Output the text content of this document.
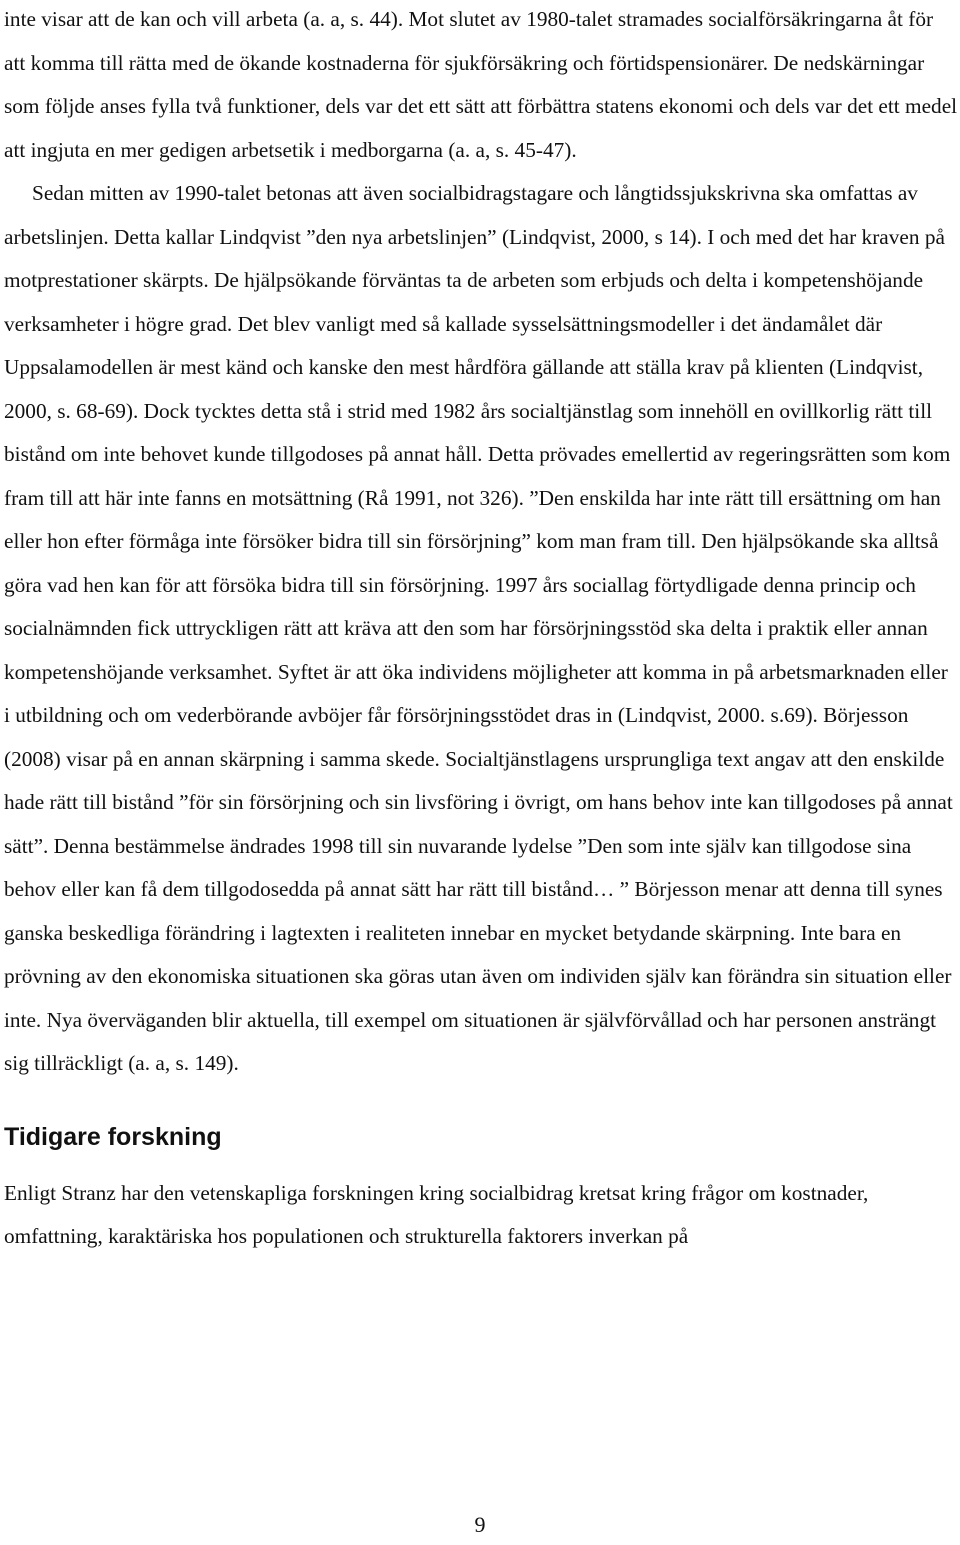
inte visar att de kan och vill arbeta (a. a, s. 44). Mot slutet av 1980-talet stramades socialförsäkringarna åt för att komma till rätta med de ökande kostnaderna för sjukförsäkring och förtidspensionärer. De nedskärningar som följde anses fylla två funktioner, dels var det ett sätt att förbättra statens ekonomi och dels var det ett medel att ingjuta en mer gedigen arbetsetik i medborgarna (a. a, s. 45-47).

Sedan mitten av 1990-talet betonas att även socialbidragstagare och långtidssjukskrivna ska omfattas av arbetslinjen. Detta kallar Lindqvist ”den nya arbetslinjen” (Lindqvist, 2000, s 14). I och med det har kraven på motprestationer skärpts. De hjälpsökande förväntas ta de arbeten som erbjuds och delta i kompetenshöjande verksamheter i högre grad. Det blev vanligt med så kallade sysselsättningsmodeller i det ändamålet där Uppsalamodellen är mest känd och kanske den mest hårdföra gällande att ställa krav på klienten (Lindqvist, 2000, s. 68-69). Dock tycktes detta stå i strid med 1982 års socialtjänstlag som innehöll en ovillkorlig rätt till bistånd om inte behovet kunde tillgodoses på annat håll. Detta prövades emellertid av regeringsrätten som kom fram till att här inte fanns en motsättning (Rå 1991, not 326). ”Den enskilda har inte rätt till ersättning om han eller hon efter förmåga inte försöker bidra till sin försörjning” kom man fram till. Den hjälpsökande ska alltså göra vad hen kan för att försöka bidra till sin försörjning. 1997 års sociallag förtydligade denna princip och socialnämnden fick uttryckligen rätt att kräva att den som har försörjningsstöd ska delta i praktik eller annan kompetenshöjande verksamhet. Syftet är att öka individens möjligheter att komma in på arbetsmarknaden eller i utbildning och om vederbörande avböjer får försörjningsstödet dras in (Lindqvist, 2000. s.69). Börjesson (2008) visar på en annan skärpning i samma skede. Socialtjänstlagens ursprungliga text angav att den enskilde hade rätt till bistånd ”för sin försörjning och sin livsföring i övrigt, om hans behov inte kan tillgodoses på annat sätt”. Denna bestämmelse ändrades 1998 till sin nuvarande lydelse ”Den som inte själv kan tillgodose sina behov eller kan få dem tillgodosedda på annat sätt har rätt till bistånd… ” Börjesson menar att denna till synes ganska beskedliga förändring i lagtexten i realiteten innebar en mycket betydande skärpning. Inte bara en prövning av den ekonomiska situationen ska göras utan även om individen själv kan förändra sin situation eller inte. Nya överväganden blir aktuella, till exempel om situationen är självförvållad och har personen ansträngt sig tillräckligt (a. a, s. 149).

Tidigare forskning

Enligt Stranz har den vetenskapliga forskningen kring socialbidrag kretsat kring frågor om kostnader, omfattning, karaktäriska hos populationen och strukturella faktorers inverkan på

9
